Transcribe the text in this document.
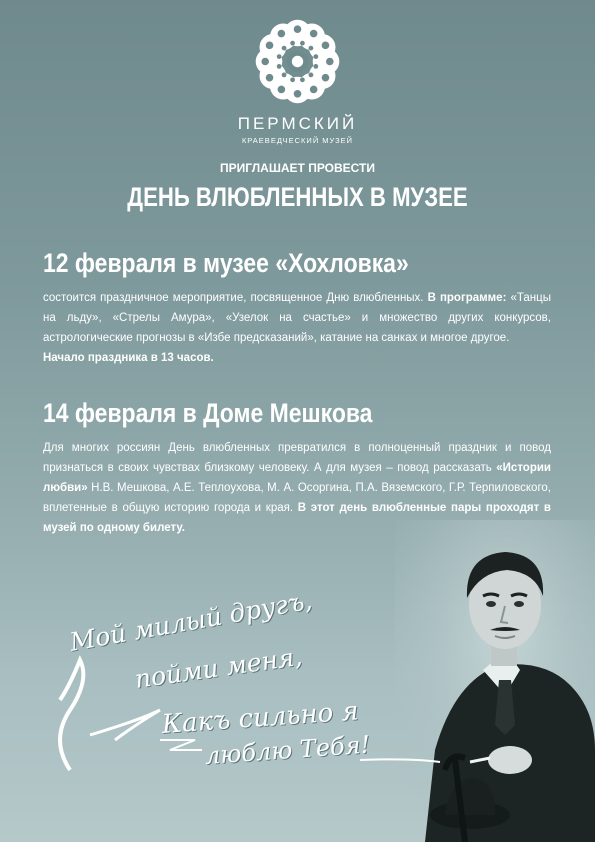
ПЕРМСКИЙ
КРАЕВЕДЧЕСКИЙ МУЗЕЙ
ПРИГЛАШАЕТ ПРОВЕСТИ
ДЕНЬ ВЛЮБЛЕННЫХ В МУЗЕЕ
12 февраля в музее «Хохловка»
состоится праздничное мероприятие, посвященное Дню влюбленных. В программе: «Танцы на льду», «Стрелы Амура», «Узелок на счастье» и множество других конкурсов, астрологические прогнозы в «Избе предсказаний», катание на санках и многое другое.
Начало праздника в 13 часов.
14 февраля в Доме Мешкова
Для многих россиян День влюбленных превратился в полноценный праздник и повод признаться в своих чувствах близкому человеку. А для музея – повод рассказать «Истории любви» Н.В. Мешкова, А.Е. Теплоухова, М. А. Осоргина, П.А. Вяземского, Г.Р. Терпиловского, вплетенные в общую историю города и края. В этот день влюбленные пары проходят в музей по одному билету.
Мой милый другъ,
пойми меня,
Какъ сильно я
люблю Тебя!
